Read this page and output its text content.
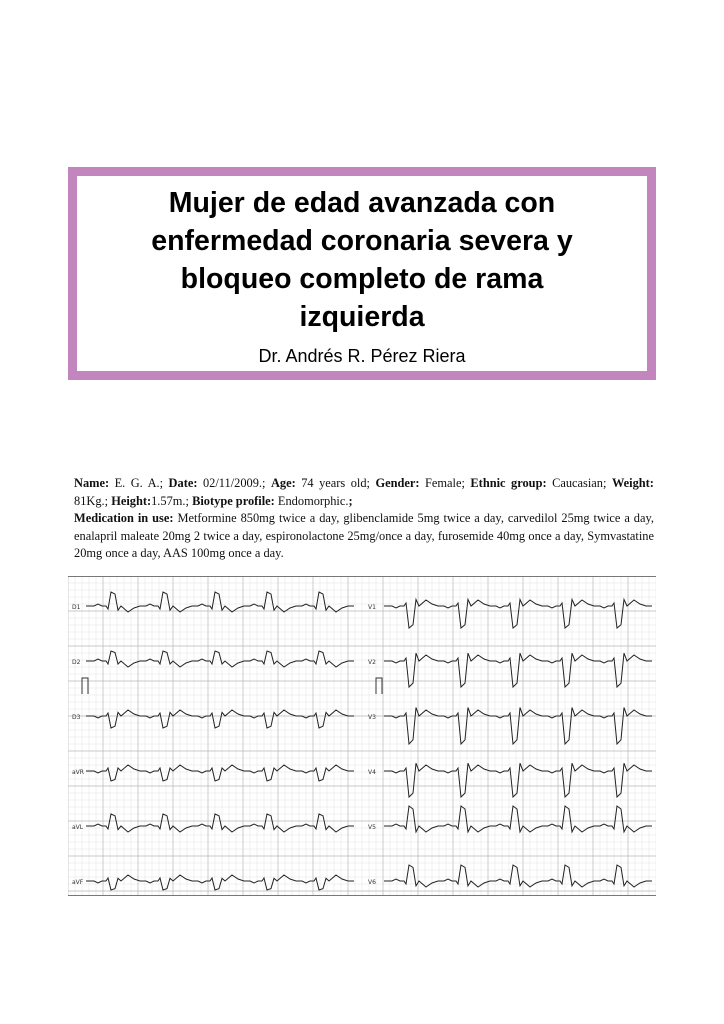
Mujer de edad avanzada con
enfermedad coronaria severa y
bloqueo completo de rama
izquierda
Dr. Andrés R. Pérez Riera
Name: E. G. A.; Date: 02/11/2009.; Age: 74 years old; Gender: Female; Ethnic group: Caucasian; Weight: 81Kg.; Height:1.57m.; Biotype profile: Endomorphic.;
Medication in use: Metformine 850mg twice a day, glibenclamide 5mg twice a day, carvedilol 25mg twice a day, enalapril maleate 20mg 2 twice a day, espironolactone 25mg/once a day, furosemide 40mg once a day, Symvastatine 20mg once a day, AAS 100mg once a day.
D1
D2
D3
aVR
aVL
aVF
V1
V2
V3
V4
V5
V6
